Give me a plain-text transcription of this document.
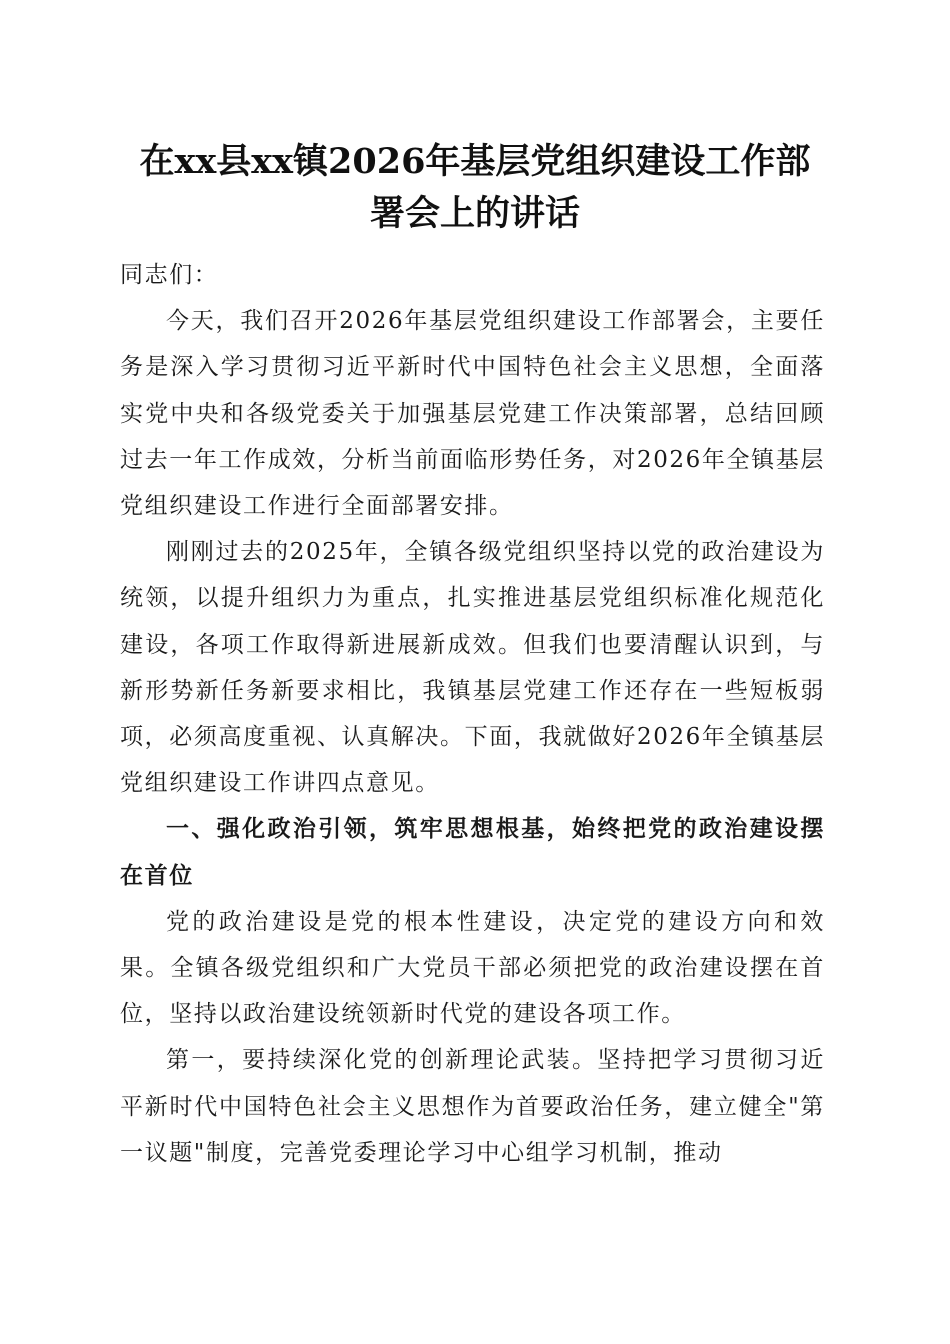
在xx县xx镇2026年基层党组织建设工作部
署会上的讲话

同志们：

今天，我们召开2026年基层党组织建设工作部署会，主要任务是深入学习贯彻习近平新时代中国特色社会主义思想，全面落实党中央和各级党委关于加强基层党建工作决策部署，总结回顾过去一年工作成效，分析当前面临形势任务，对2026年全镇基层党组织建设工作进行全面部署安排。

刚刚过去的2025年，全镇各级党组织坚持以党的政治建设为统领，以提升组织力为重点，扎实推进基层党组织标准化规范化建设，各项工作取得新进展新成效。但我们也要清醒认识到，与新形势新任务新要求相比，我镇基层党建工作还存在一些短板弱项，必须高度重视、认真解决。下面，我就做好2026年全镇基层党组织建设工作讲四点意见。

一、强化政治引领，筑牢思想根基，始终把党的政治建设摆在首位

党的政治建设是党的根本性建设，决定党的建设方向和效果。全镇各级党组织和广大党员干部必须把党的政治建设摆在首位，坚持以政治建设统领新时代党的建设各项工作。

第一，要持续深化党的创新理论武装。坚持把学习贯彻习近平新时代中国特色社会主义思想作为首要政治任务，建立健全"第一议题"制度，完善党委理论学习中心组学习机制，推动
